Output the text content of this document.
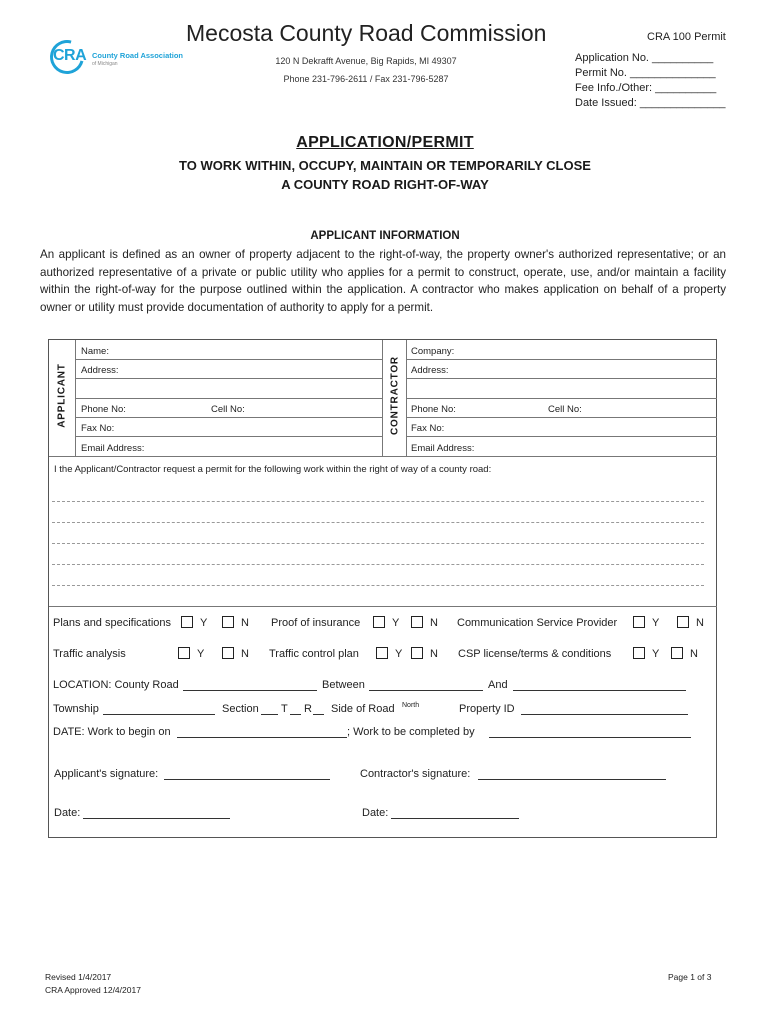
CRA County Road Association
of Michigan
Mecosta County Road Commission
120 N Dekrafft Avenue, Big Rapids, MI 49307
Phone 231-796-2611 / Fax 231-796-5287
CRA 100 Permit
Application No. __________
Permit No. ______________
Fee Info./Other: __________
Date Issued: ______________
APPLICATION/PERMIT
TO WORK WITHIN, OCCUPY, MAINTAIN OR TEMPORARILY CLOSE
A COUNTY ROAD RIGHT-OF-WAY
APPLICANT INFORMATION
An applicant is defined as an owner of property adjacent to the right-of-way, the property owner's authorized representative; or an authorized representative of a private or public utility who applies for a permit to construct, operate, use, and/or maintain a facility within the right-of-way for the purpose outlined within the application. A contractor who makes application on behalf of a property owner or utility must provide documentation of authority to apply for a permit.
APPLICANT	CONTRACTOR
Name:
Address:
Phone No:	Cell No:
Fax No:
Email Address:
Company:
Address:
Phone No:	Cell No:
Fax No:
Email Address:
I the Applicant/Contractor request a permit for the following work within the right of way of a county road:
Plans and specifications	Y	N Proof of insurance	Y	N Communication Service Provider	Y	N
Traffic analysis	Y	N Traffic control plan	Y	N CSP license/terms & conditions	Y	N
LOCATION: County Road	Between	And
Township	Section T R Side of Road North	Property ID
DATE: Work to begin on	; Work to be completed by
Applicant's signature:	Contractor's signature:
Date:	Date:
Revised 1/4/2017
CRA Approved 12/4/2017
Page 1 of 3
